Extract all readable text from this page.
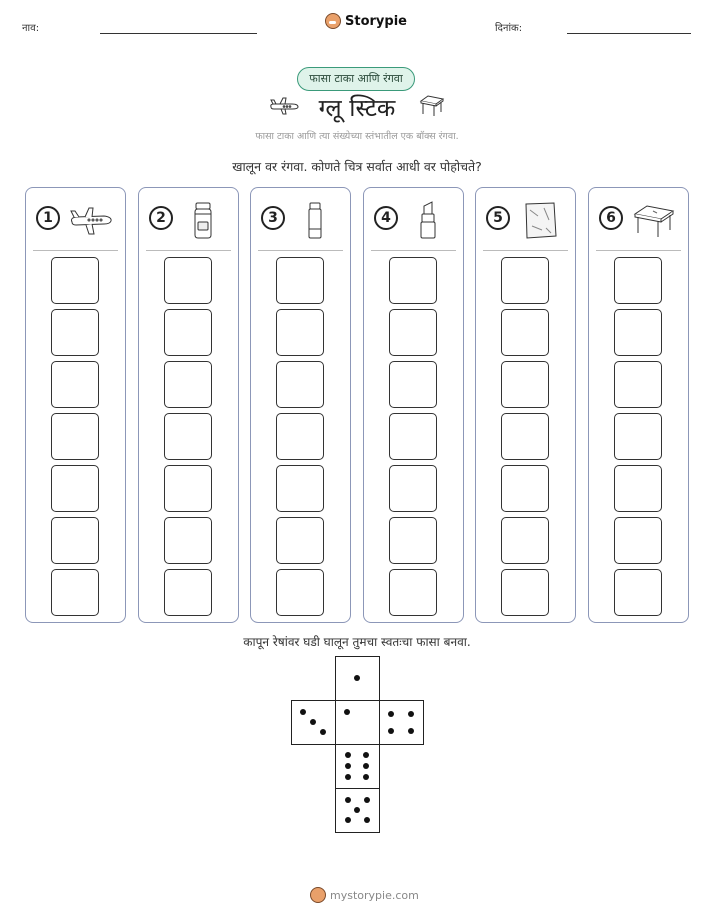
नाव:	Storypie	दिनांक:
फासा टाका आणि रंगवा
ग्लू स्टिक
फासा टाका आणि त्या संख्येच्या स्तंभातील एक बॉक्स रंगवा.
खालून वर रंगवा. कोणते चित्र सर्वात आधी वर पोहोचते?
1	2	3	4	5	6
कापून रेषांवर घडी घालून तुमचा स्वतःचा फासा बनवा.
mystorypie.com
